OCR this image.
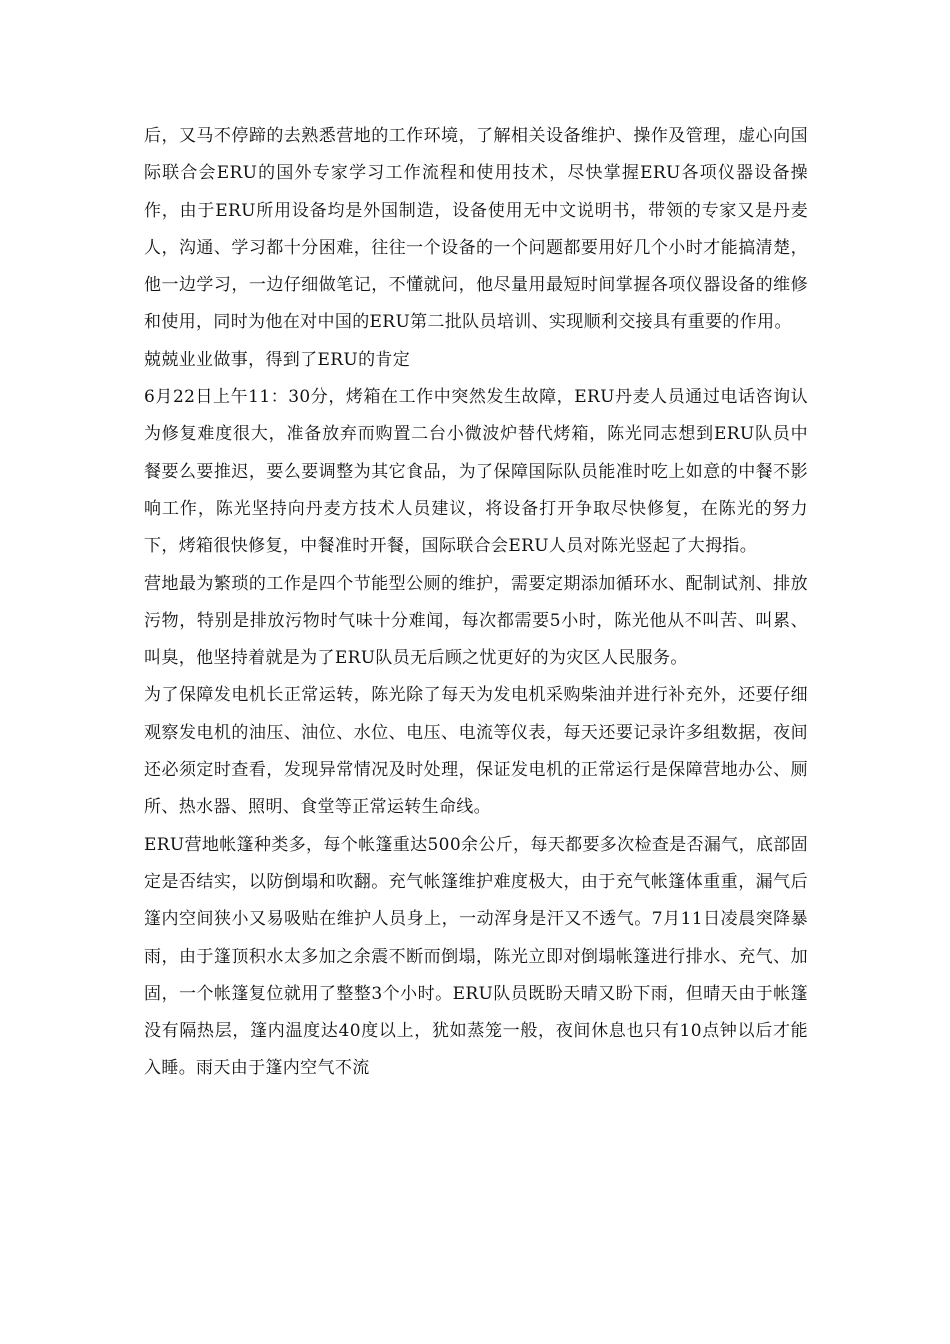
后，又马不停蹄的去熟悉营地的工作环境，了解相关设备维护、操作及管理，虚心向国际联合会ERU的国外专家学习工作流程和使用技术，尽快掌握ERU各项仪器设备操作，由于ERU所用设备均是外国制造，设备使用无中文说明书，带领的专家又是丹麦人，沟通、学习都十分困难，往往一个设备的一个问题都要用好几个小时才能搞清楚，他一边学习，一边仔细做笔记，不懂就问，他尽量用最短时间掌握各项仪器设备的维修和使用，同时为他在对中国的ERU第二批队员培训、实现顺利交接具有重要的作用。

兢兢业业做事，得到了ERU的肯定

6月22日上午11：30分，烤箱在工作中突然发生故障，ERU丹麦人员通过电话咨询认为修复难度很大，准备放弃而购置二台小微波炉替代烤箱，陈光同志想到ERU队员中餐要么要推迟，要么要调整为其它食品，为了保障国际队员能准时吃上如意的中餐不影响工作，陈光坚持向丹麦方技术人员建议，将设备打开争取尽快修复，在陈光的努力下，烤箱很快修复，中餐准时开餐，国际联合会ERU人员对陈光竖起了大拇指。

营地最为繁琐的工作是四个节能型公厕的维护，需要定期添加循环水、配制试剂、排放污物，特别是排放污物时气味十分难闻，每次都需要5小时，陈光他从不叫苦、叫累、叫臭，他坚持着就是为了ERU队员无后顾之忧更好的为灾区人民服务。

为了保障发电机长正常运转，陈光除了每天为发电机采购柴油并进行补充外，还要仔细观察发电机的油压、油位、水位、电压、电流等仪表，每天还要记录许多组数据，夜间还必须定时查看，发现异常情况及时处理，保证发电机的正常运行是保障营地办公、厕所、热水器、照明、食堂等正常运转生命线。

ERU营地帐篷种类多，每个帐篷重达500余公斤，每天都要多次检查是否漏气，底部固定是否结实，以防倒塌和吹翻。充气帐篷维护难度极大，由于充气帐篷体重重，漏气后篷内空间狭小又易吸贴在维护人员身上，一动浑身是汗又不透气。7月11日凌晨突降暴雨，由于篷顶积水太多加之余震不断而倒塌，陈光立即对倒塌帐篷进行排水、充气、加固，一个帐篷复位就用了整整3个小时。ERU队员既盼天晴又盼下雨，但晴天由于帐篷没有隔热层，篷内温度达40度以上，犹如蒸笼一般，夜间休息也只有10点钟以后才能入睡。雨天由于篷内空气不流
